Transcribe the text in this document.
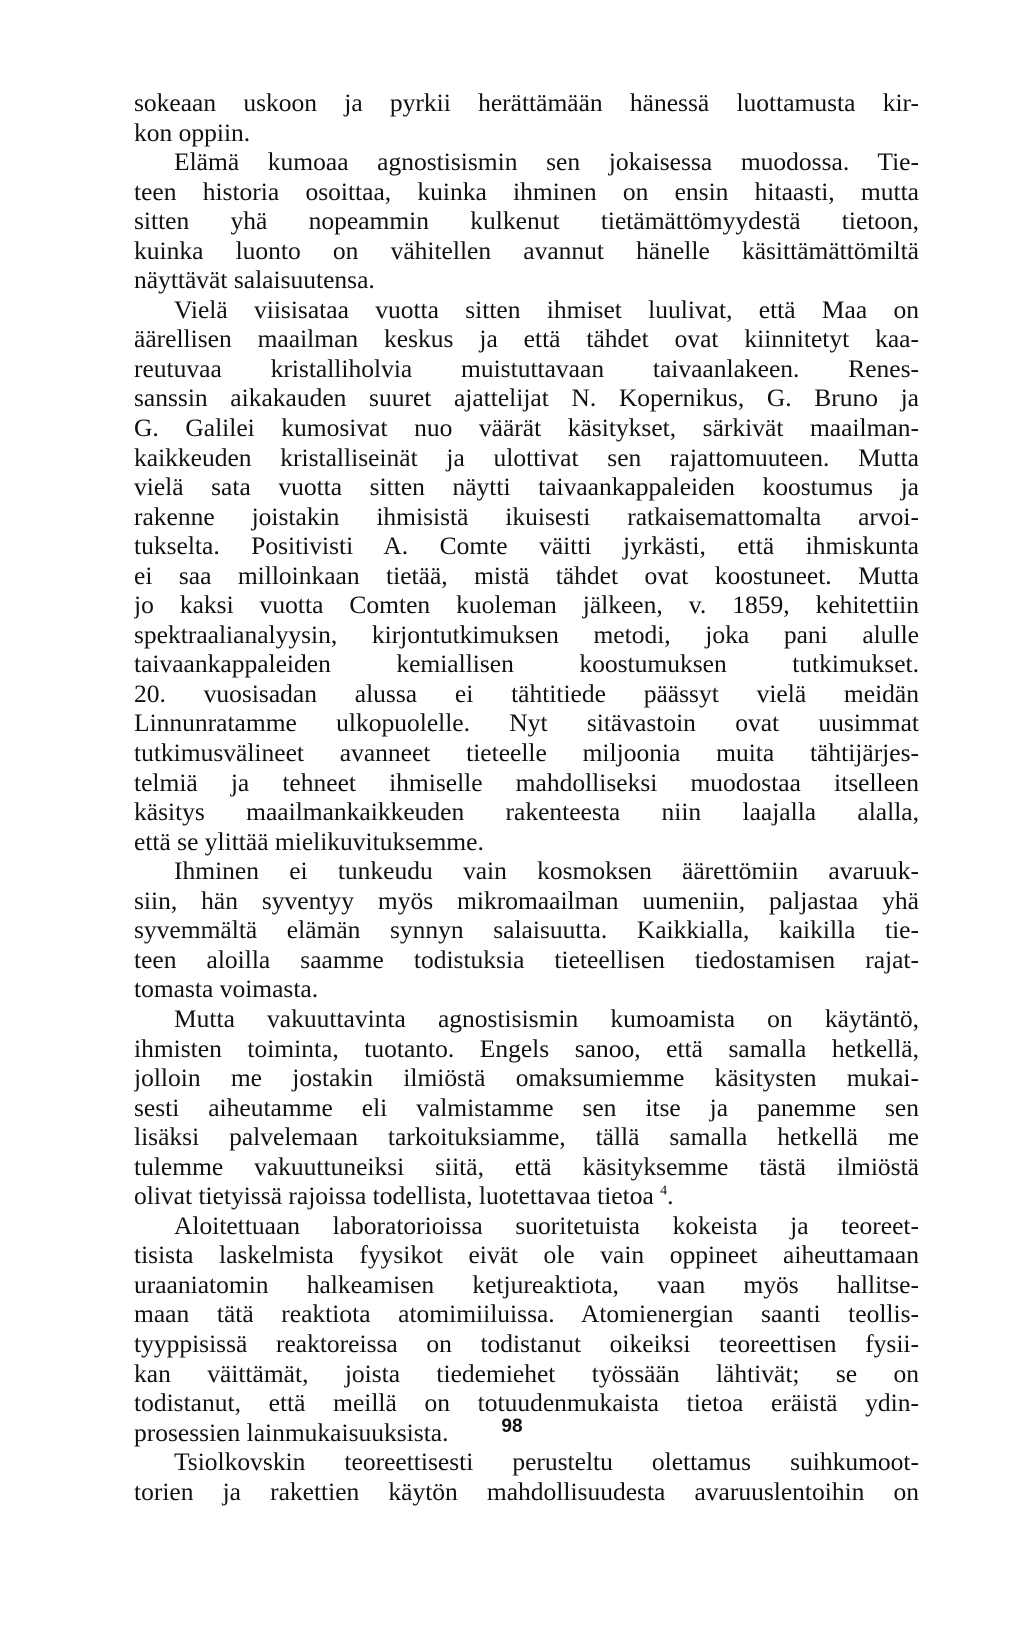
sokeaan uskoon ja pyrkii herättämään hänessä luottamusta kir-
kon oppiin.

Elämä kumoaa agnostisismin sen jokaisessa muodossa. Tie-
teen historia osoittaa, kuinka ihminen on ensin hitaasti, mutta
sitten yhä nopeammin kulkenut tietämättömyydestä tietoon,
kuinka luonto on vähitellen avannut hänelle käsittämättömiltä
näyttävät salaisuutensa.

Vielä viisisataa vuotta sitten ihmiset luulivat, että Maa on
äärellisen maailman keskus ja että tähdet ovat kiinnitetyt kaa-
reutuvaa kristalliholvia muistuttavaan taivaanlakeen. Renes-
sanssin aikakauden suuret ajattelijat N. Kopernikus, G. Bruno ja
G. Galilei kumosivat nuo väärät käsitykset, särkivät maailman-
kaikkeuden kristalliseinät ja ulottivat sen rajattomuuteen. Mutta
vielä sata vuotta sitten näytti taivaankappaleiden koostumus ja
rakenne joistakin ihmisistä ikuisesti ratkaisemattomalta arvoi-
tukselta. Positivisti A. Comte väitti jyrkästi, että ihmiskunta
ei saa milloinkaan tietää, mistä tähdet ovat koostuneet. Mutta
jo kaksi vuotta Comten kuoleman jälkeen, v. 1859, kehitettiin
spektraalianalyysin, kirjontutkimuksen metodi, joka pani alulle
taivaankappaleiden kemiallisen koostumuksen tutkimukset.
20. vuosisadan alussa ei tähtitiede päässyt vielä meidän
Linnunratamme ulkopuolelle. Nyt sitävastoin ovat uusimmat
tutkimusvälineet avanneet tieteelle miljoonia muita tähtijärjes-
telmiä ja tehneet ihmiselle mahdolliseksi muodostaa itselleen
käsitys maailmankaikkeuden rakenteesta niin laajalla alalla,
että se ylittää mielikuvituksemme.

Ihminen ei tunkeudu vain kosmoksen äärettömiin avaruuk-
siin, hän syventyy myös mikromaailman uumeniin, paljastaa yhä
syvemmältä elämän synnyn salaisuutta. Kaikkialla, kaikilla tie-
teen aloilla saamme todistuksia tieteellisen tiedostamisen rajat-
tomasta voimasta.

Mutta vakuuttavinta agnostisismin kumoamista on käytäntö,
ihmisten toiminta, tuotanto. Engels sanoo, että samalla hetkellä,
jolloin me jostakin ilmiöstä omaksumiemme käsitysten mukai-
sesti aiheutamme eli valmistamme sen itse ja panemme sen
lisäksi palvelemaan tarkoituksiamme, tällä samalla hetkellä me
tulemme vakuuttuneiksi siitä, että käsityksemme tästä ilmiöstä
olivat tietyissä rajoissa todellista, luotettavaa tietoa $^4$.

Aloitettuaan laboratorioissa suoritetuista kokeista ja teoreet-
tisista laskelmista fyysikot eivät ole vain oppineet aiheuttamaan
uraaniatomin halkeamisen ketjureaktiota, vaan myös hallitse-
maan tätä reaktiota atomimiiluissa. Atomienergian saanti teollis-
tyyppisissä reaktoreissa on todistanut oikeiksi teoreettisen fysii-
kan väittämät, joista tiedemiehet työssään lähtivät; se on
todistanut, että meillä on totuudenmukaista tietoa eräistä ydin-
prosessien lainmukaisuuksista.

Tsiolkovskin teoreettisesti perusteltu olettamus suihkumoot-
torien ja rakettien käytön mahdollisuudesta avaruuslentoihin on

98
